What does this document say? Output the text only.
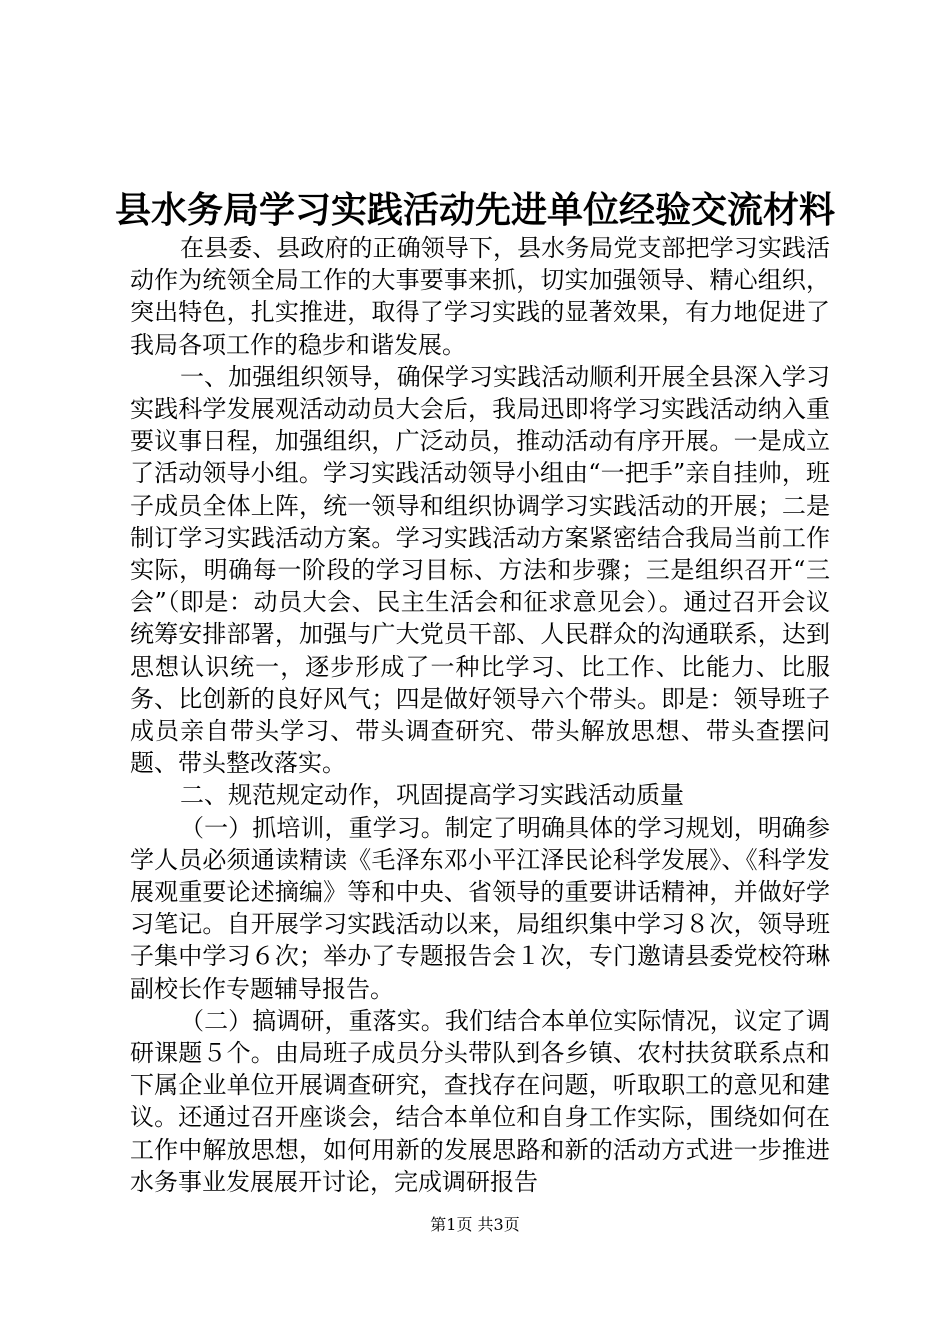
县水务局学习实践活动先进单位经验交流材料

在县委、县政府的正确领导下，县水务局党支部把学习实践活动作为统领全局工作的大事要事来抓，切实加强领导、精心组织，突出特色，扎实推进，取得了学习实践的显著效果，有力地促进了我局各项工作的稳步和谐发展。

一、加强组织领导，确保学习实践活动顺利开展全县深入学习实践科学发展观活动动员大会后，我局迅即将学习实践活动纳入重要议事日程，加强组织，广泛动员，推动活动有序开展。一是成立了活动领导小组。学习实践活动领导小组由“一把手”亲自挂帅，班子成员全体上阵，统一领导和组织协调学习实践活动的开展；二是制订学习实践活动方案。学习实践活动方案紧密结合我局当前工作实际，明确每一阶段的学习目标、方法和步骤；三是组织召开“三会”（即是：动员大会、民主生活会和征求意见会）。通过召开会议统筹安排部署，加强与广大党员干部、人民群众的沟通联系，达到思想认识统一，逐步形成了一种比学习、比工作、比能力、比服务、比创新的良好风气；四是做好领导六个带头。即是：领导班子成员亲自带头学习、带头调查研究、带头解放思想、带头查摆问题、带头整改落实。

二、规范规定动作，巩固提高学习实践活动质量

（一）抓培训，重学习。制定了明确具体的学习规划，明确参学人员必须通读精读《毛泽东邓小平江泽民论科学发展》、《科学发展观重要论述摘编》等和中央、省领导的重要讲话精神，并做好学习笔记。自开展学习实践活动以来，局组织集中学习８次，领导班子集中学习６次；举办了专题报告会１次，专门邀请县委党校符琳副校长作专题辅导报告。

（二）搞调研，重落实。我们结合本单位实际情况，议定了调研课题５个。由局班子成员分头带队到各乡镇、农村扶贫联系点和下属企业单位开展调查研究，查找存在问题，听取职工的意见和建议。还通过召开座谈会，结合本单位和自身工作实际，围绕如何在工作中解放思想，如何用新的发展思路和新的活动方式进一步推进水务事业发展展开讨论，完成调研报告

第1页 共3页
